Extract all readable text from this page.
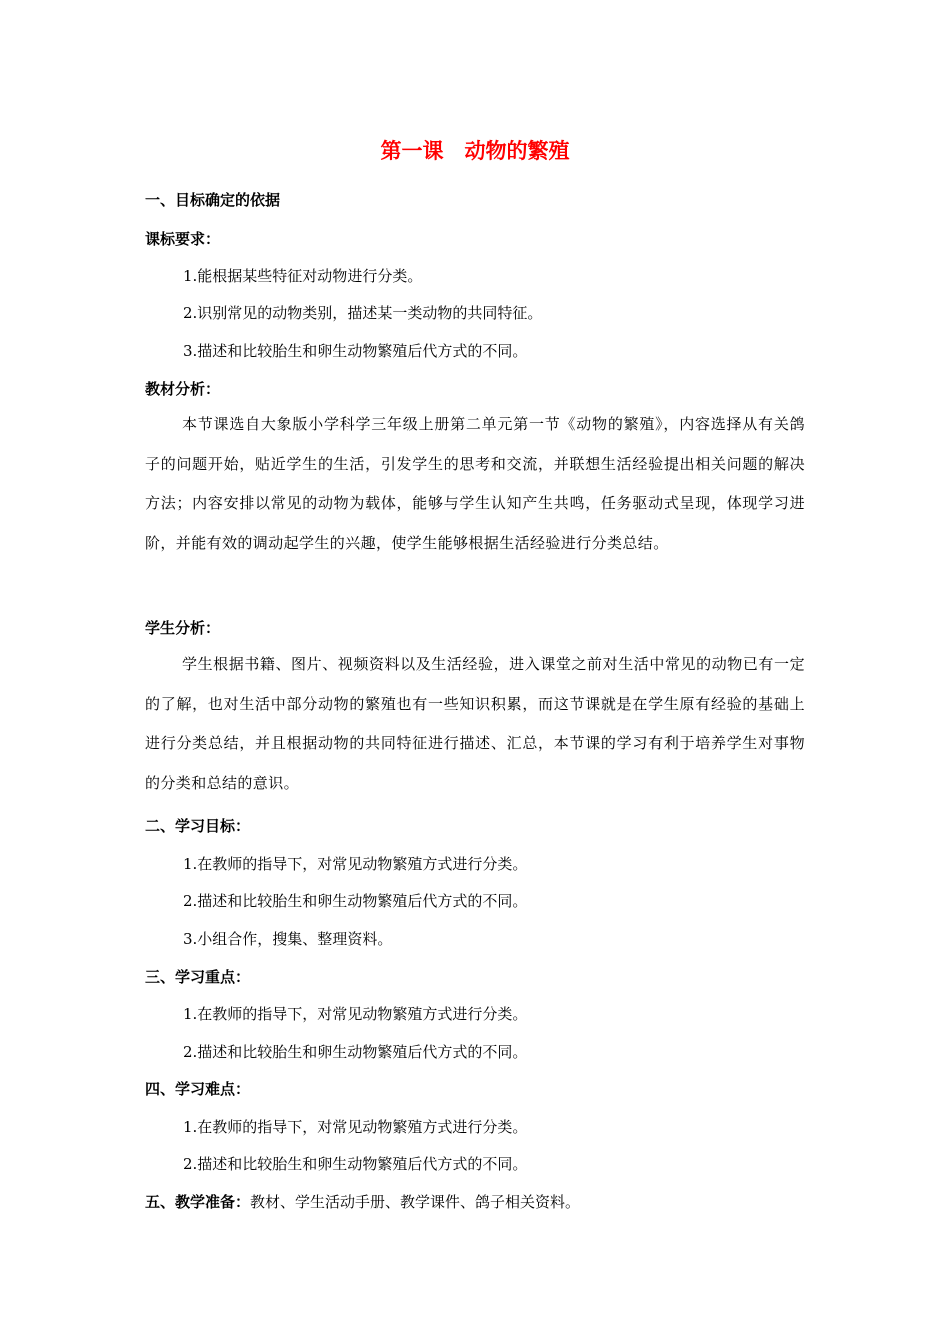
第一课　动物的繁殖
一、目标确定的依据
课标要求：
1.能根据某些特征对动物进行分类。
2.识别常见的动物类别，描述某一类动物的共同特征。
3.描述和比较胎生和卵生动物繁殖后代方式的不同。
教材分析：
本节课选自大象版小学科学三年级上册第二单元第一节《动物的繁殖》，内容选择从有关鸽子的问题开始，贴近学生的生活，引发学生的思考和交流，并联想生活经验提出相关问题的解决方法；内容安排以常见的动物为载体，能够与学生认知产生共鸣，任务驱动式呈现，体现学习进阶，并能有效的调动起学生的兴趣，使学生能够根据生活经验进行分类总结。
学生分析：
学生根据书籍、图片、视频资料以及生活经验，进入课堂之前对生活中常见的动物已有一定的了解，也对生活中部分动物的繁殖也有一些知识积累，而这节课就是在学生原有经验的基础上进行分类总结，并且根据动物的共同特征进行描述、汇总，本节课的学习有利于培养学生对事物的分类和总结的意识。
二、学习目标：
1.在教师的指导下，对常见动物繁殖方式进行分类。
2.描述和比较胎生和卵生动物繁殖后代方式的不同。
3.小组合作，搜集、整理资料。
三、学习重点：
1.在教师的指导下，对常见动物繁殖方式进行分类。
2.描述和比较胎生和卵生动物繁殖后代方式的不同。
四、学习难点：
1.在教师的指导下，对常见动物繁殖方式进行分类。
2.描述和比较胎生和卵生动物繁殖后代方式的不同。
五、教学准备：教材、学生活动手册、教学课件、鸽子相关资料。
